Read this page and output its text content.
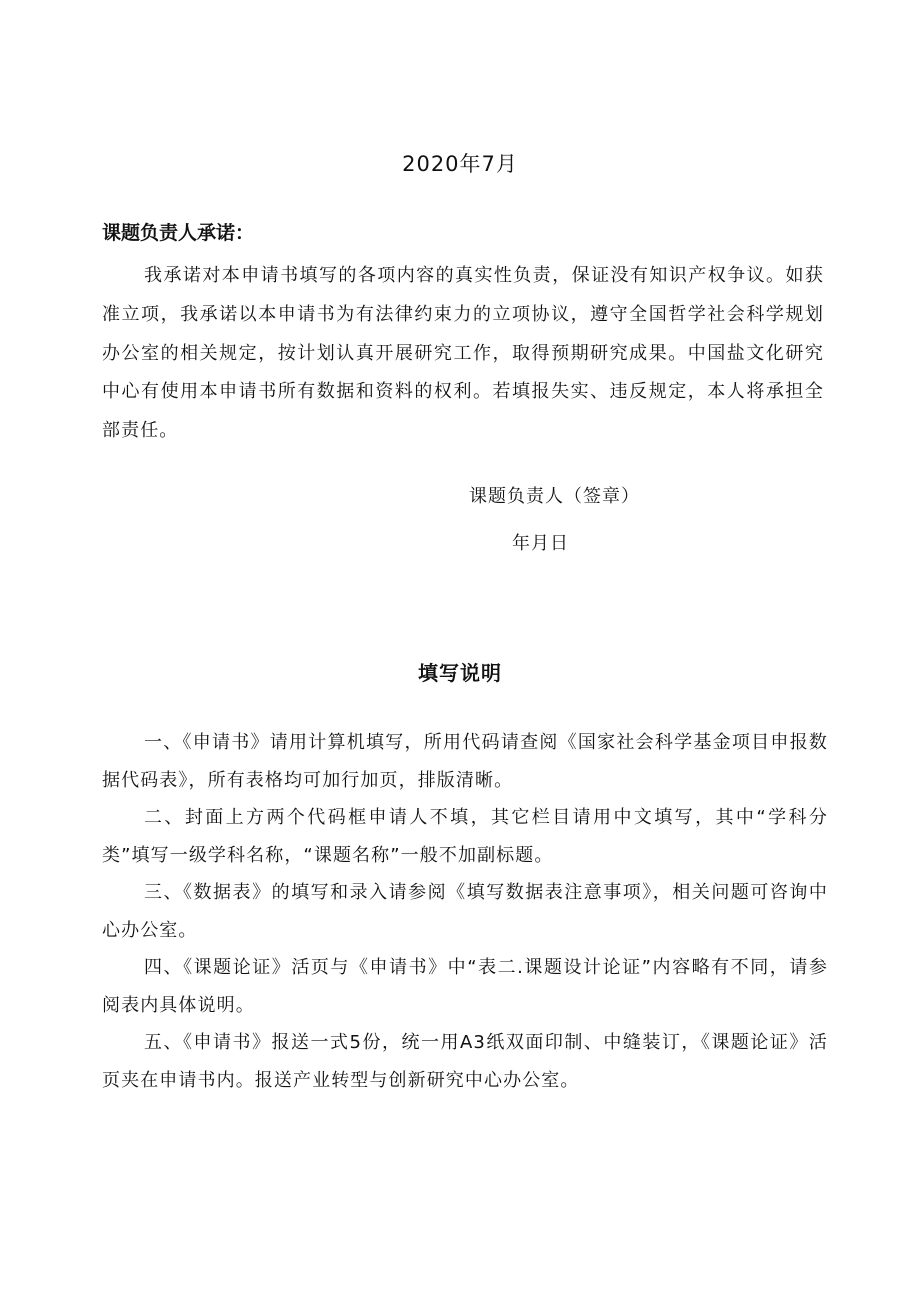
2020年7月
课题负责人承诺：
我承诺对本申请书填写的各项内容的真实性负责，保证没有知识产权争议。如获准立项，我承诺以本申请书为有法律约束力的立项协议，遵守全国哲学社会科学规划办公室的相关规定，按计划认真开展研究工作，取得预期研究成果。中国盐文化研究中心有使用本申请书所有数据和资料的权利。若填报失实、违反规定，本人将承担全部责任。
课题负责人（签章）
年月日
填写说明
一、《申请书》请用计算机填写，所用代码请查阅《国家社会科学基金项目申报数据代码表》，所有表格均可加行加页，排版清晰。
二、封面上方两个代码框申请人不填，其它栏目请用中文填写，其中“学科分类”填写一级学科名称，“课题名称”一般不加副标题。
三、《数据表》的填写和录入请参阅《填写数据表注意事项》，相关问题可咨询中心办公室。
四、《课题论证》活页与《申请书》中“表二.课题设计论证”内容略有不同，请参阅表内具体说明。
五、《申请书》报送一式5份，统一用A3纸双面印制、中缝装订，《课题论证》活页夹在申请书内。报送产业转型与创新研究中心办公室。
